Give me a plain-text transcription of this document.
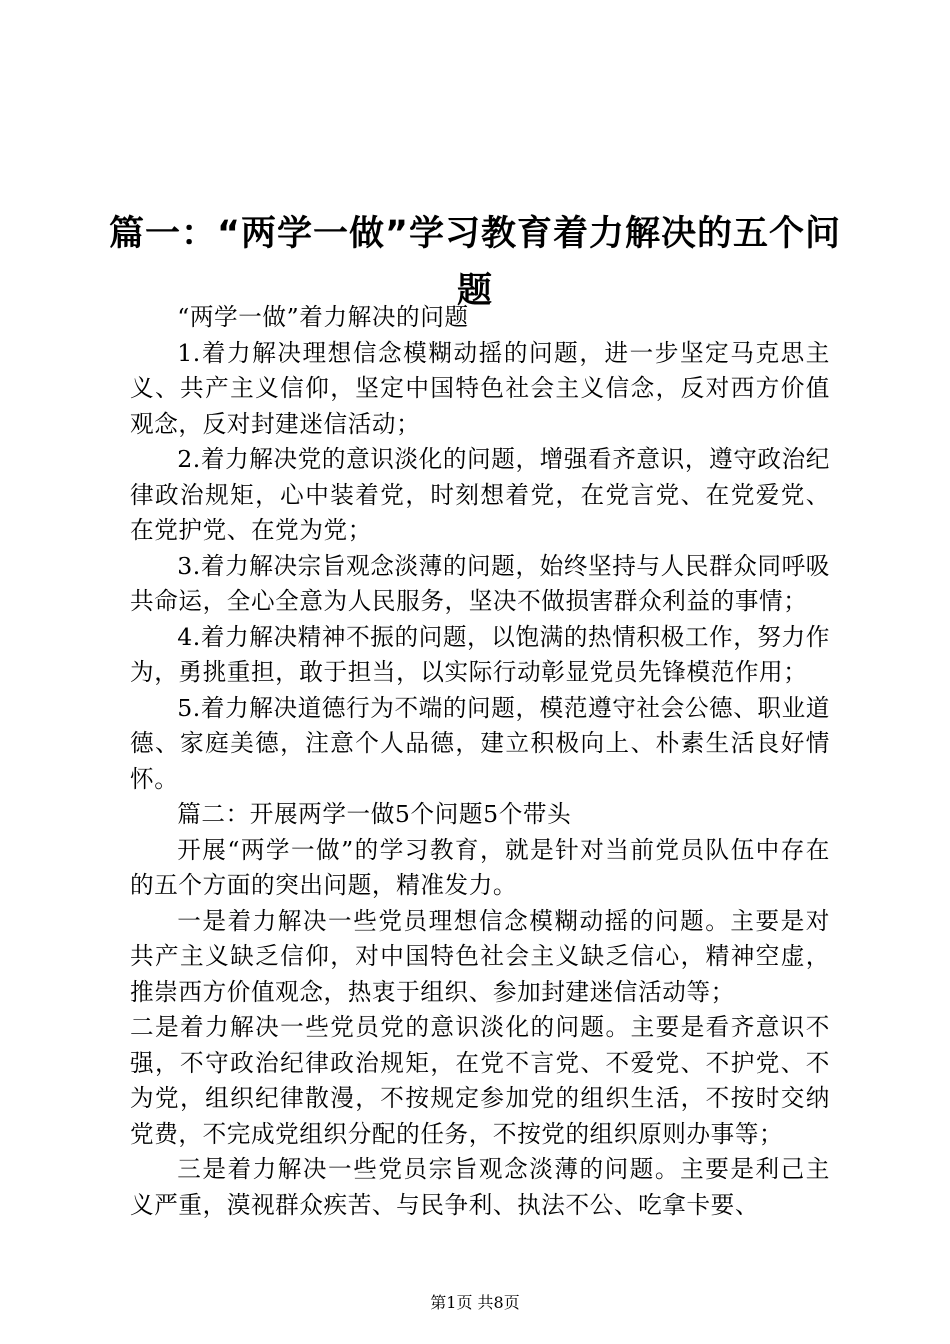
篇一：“两学一做”学习教育着力解决的五个问题

“两学一做”着力解决的问题

1.着力解决理想信念模糊动摇的问题，进一步坚定马克思主义、共产主义信仰，坚定中国特色社会主义信念，反对西方价值观念，反对封建迷信活动；

2.着力解决党的意识淡化的问题，增强看齐意识，遵守政治纪律政治规矩，心中装着党，时刻想着党，在党言党、在党爱党、在党护党、在党为党；

3.着力解决宗旨观念淡薄的问题，始终坚持与人民群众同呼吸共命运，全心全意为人民服务，坚决不做损害群众利益的事情；

4.着力解决精神不振的问题，以饱满的热情积极工作，努力作为，勇挑重担，敢于担当，以实际行动彰显党员先锋模范作用；

5.着力解决道德行为不端的问题，模范遵守社会公德、职业道德、家庭美德，注意个人品德，建立积极向上、朴素生活良好情怀。

篇二：开展两学一做5个问题5个带头

开展“两学一做”的学习教育，就是针对当前党员队伍中存在的五个方面的突出问题，精准发力。

一是着力解决一些党员理想信念模糊动摇的问题。主要是对共产主义缺乏信仰，对中国特色社会主义缺乏信心，精神空虚，推崇西方价值观念，热衷于组织、参加封建迷信活动等；

二是着力解决一些党员党的意识淡化的问题。主要是看齐意识不强，不守政治纪律政治规矩，在党不言党、不爱党、不护党、不为党，组织纪律散漫，不按规定参加党的组织生活，不按时交纳党费，不完成党组织分配的任务，不按党的组织原则办事等；

三是着力解决一些党员宗旨观念淡薄的问题。主要是利己主义严重，漠视群众疾苦、与民争利、执法不公、吃拿卡要、

第1页 共8页
